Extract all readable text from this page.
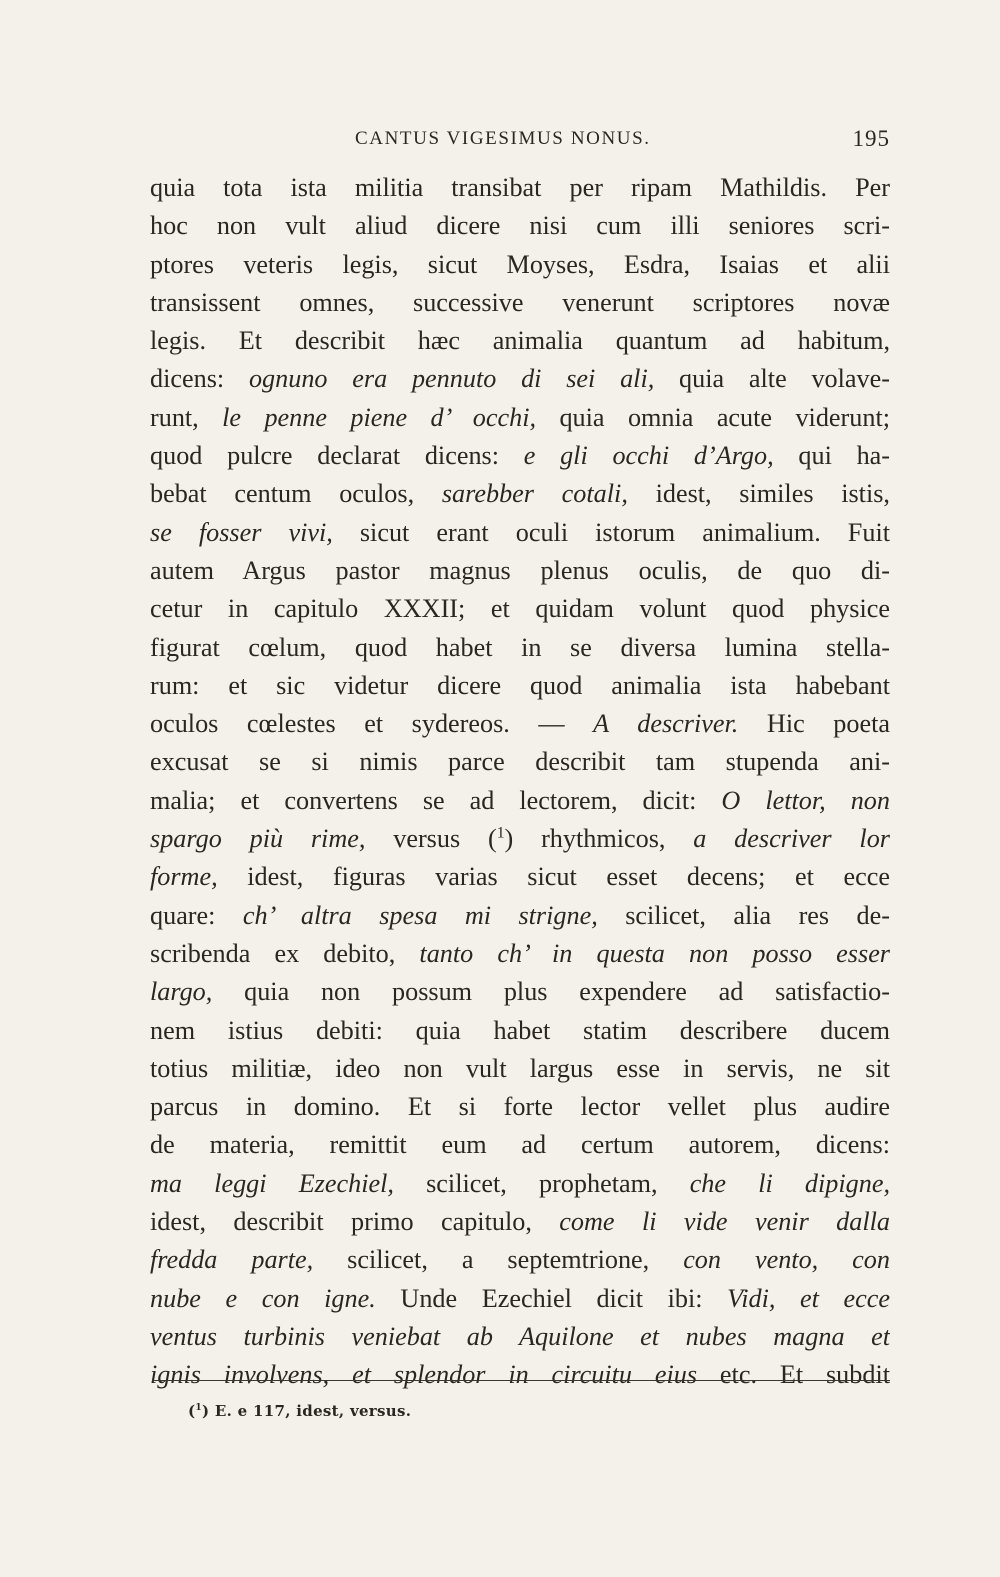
CANTUS VIGESIMUS NONUS.	195
quia tota ista militia transibat per ripam Mathildis. Per
hoc non vult aliud dicere nisi cum illi seniores scri-
ptores veteris legis, sicut Moyses, Esdra, Isaias et alii
transissent omnes, successive venerunt scriptores novæ
legis. Et describit hæc animalia quantum ad habitum,
dicens: ognuno era pennuto di sei ali, quia alte volave-
runt, le penne piene d’ occhi, quia omnia acute viderunt;
quod pulcre declarat dicens: e gli occhi d’Argo, qui ha-
bebat centum oculos, sarebber cotali, idest, similes istis,
se fosser vivi, sicut erant oculi istorum animalium. Fuit
autem Argus pastor magnus plenus oculis, de quo di-
cetur in capitulo XXXII; et quidam volunt quod physice
figurat cœlum, quod habet in se diversa lumina stella-
rum: et sic videtur dicere quod animalia ista habebant
oculos cœlestes et sydereos. — A descriver. Hic poeta
excusat se si nimis parce describit tam stupenda ani-
malia; et convertens se ad lectorem, dicit: O lettor, non
spargo più rime, versus ($^1$) rhythmicos, a descriver lor
forme, idest, figuras varias sicut esset decens; et ecce
quare: ch’ altra spesa mi strigne, scilicet, alia res de-
scribenda ex debito, tanto ch’ in questa non posso esser
largo, quia non possum plus expendere ad satisfactio-
nem istius debiti: quia habet statim describere ducem
totius militiæ, ideo non vult largus esse in servis, ne sit
parcus in domino. Et si forte lector vellet plus audire
de materia, remittit eum ad certum autorem, dicens:
ma leggi Ezechiel, scilicet, prophetam, che li dipigne,
idest, describit primo capitulo, come li vide venir dalla
fredda parte, scilicet, a septemtrione, con vento, con
nube e con igne. Unde Ezechiel dicit ibi: Vidi, et ecce
ventus turbinis veniebat ab Aquilone et nubes magna et
ignis involvens, et splendor in circuitu eius etc. Et subdit
($^1$) E. e 117, idest, versus.
